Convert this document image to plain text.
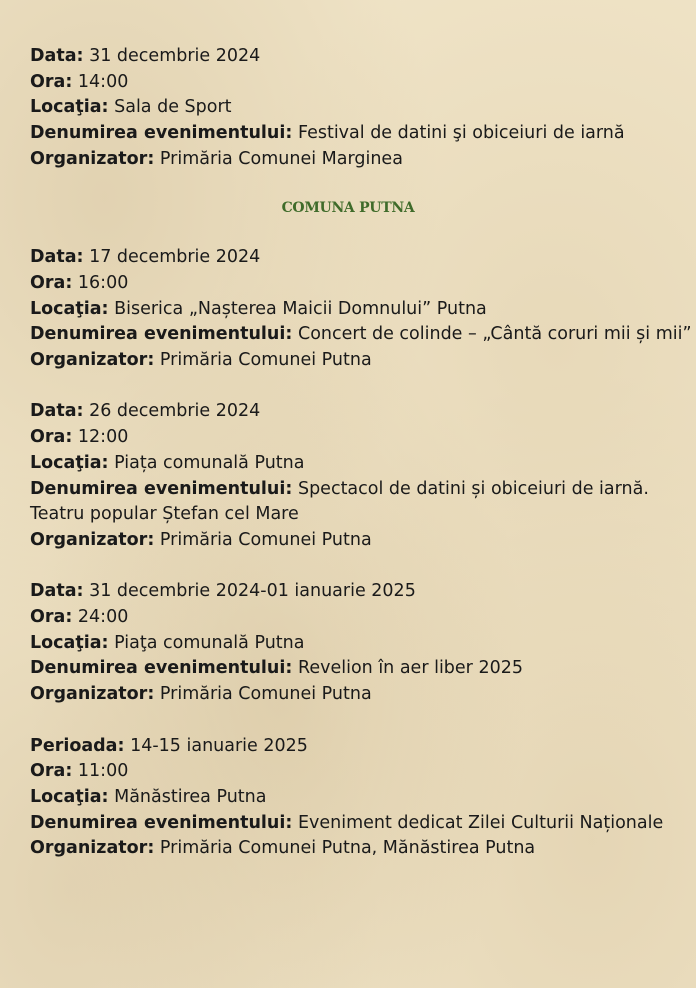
Data: 31 decembrie 2024
Ora: 14:00
Locaţia: Sala de Sport
Denumirea evenimentului: Festival de datini şi obiceiuri de iarnă
Organizator: Primăria Comunei Marginea
COMUNA PUTNA
Data: 17 decembrie 2024
Ora: 16:00
Locaţia: Biserica „Nașterea Maicii Domnului” Putna
Denumirea evenimentului: Concert de colinde – „Cântă coruri mii și mii”
Organizator: Primăria Comunei Putna
Data: 26 decembrie 2024
Ora: 12:00
Locaţia: Piața comunală Putna
Denumirea evenimentului: Spectacol de datini și obiceiuri de iarnă. Teatru popular Ștefan cel Mare
Organizator: Primăria Comunei Putna
Data: 31 decembrie 2024-01 ianuarie 2025
Ora: 24:00
Locaţia: Piaţa comunală Putna
Denumirea evenimentului: Revelion în aer liber 2025
Organizator: Primăria Comunei Putna
Perioada: 14-15 ianuarie 2025
Ora: 11:00
Locaţia: Mănăstirea Putna
Denumirea evenimentului: Eveniment dedicat Zilei Culturii Naționale
Organizator: Primăria Comunei Putna, Mănăstirea Putna
